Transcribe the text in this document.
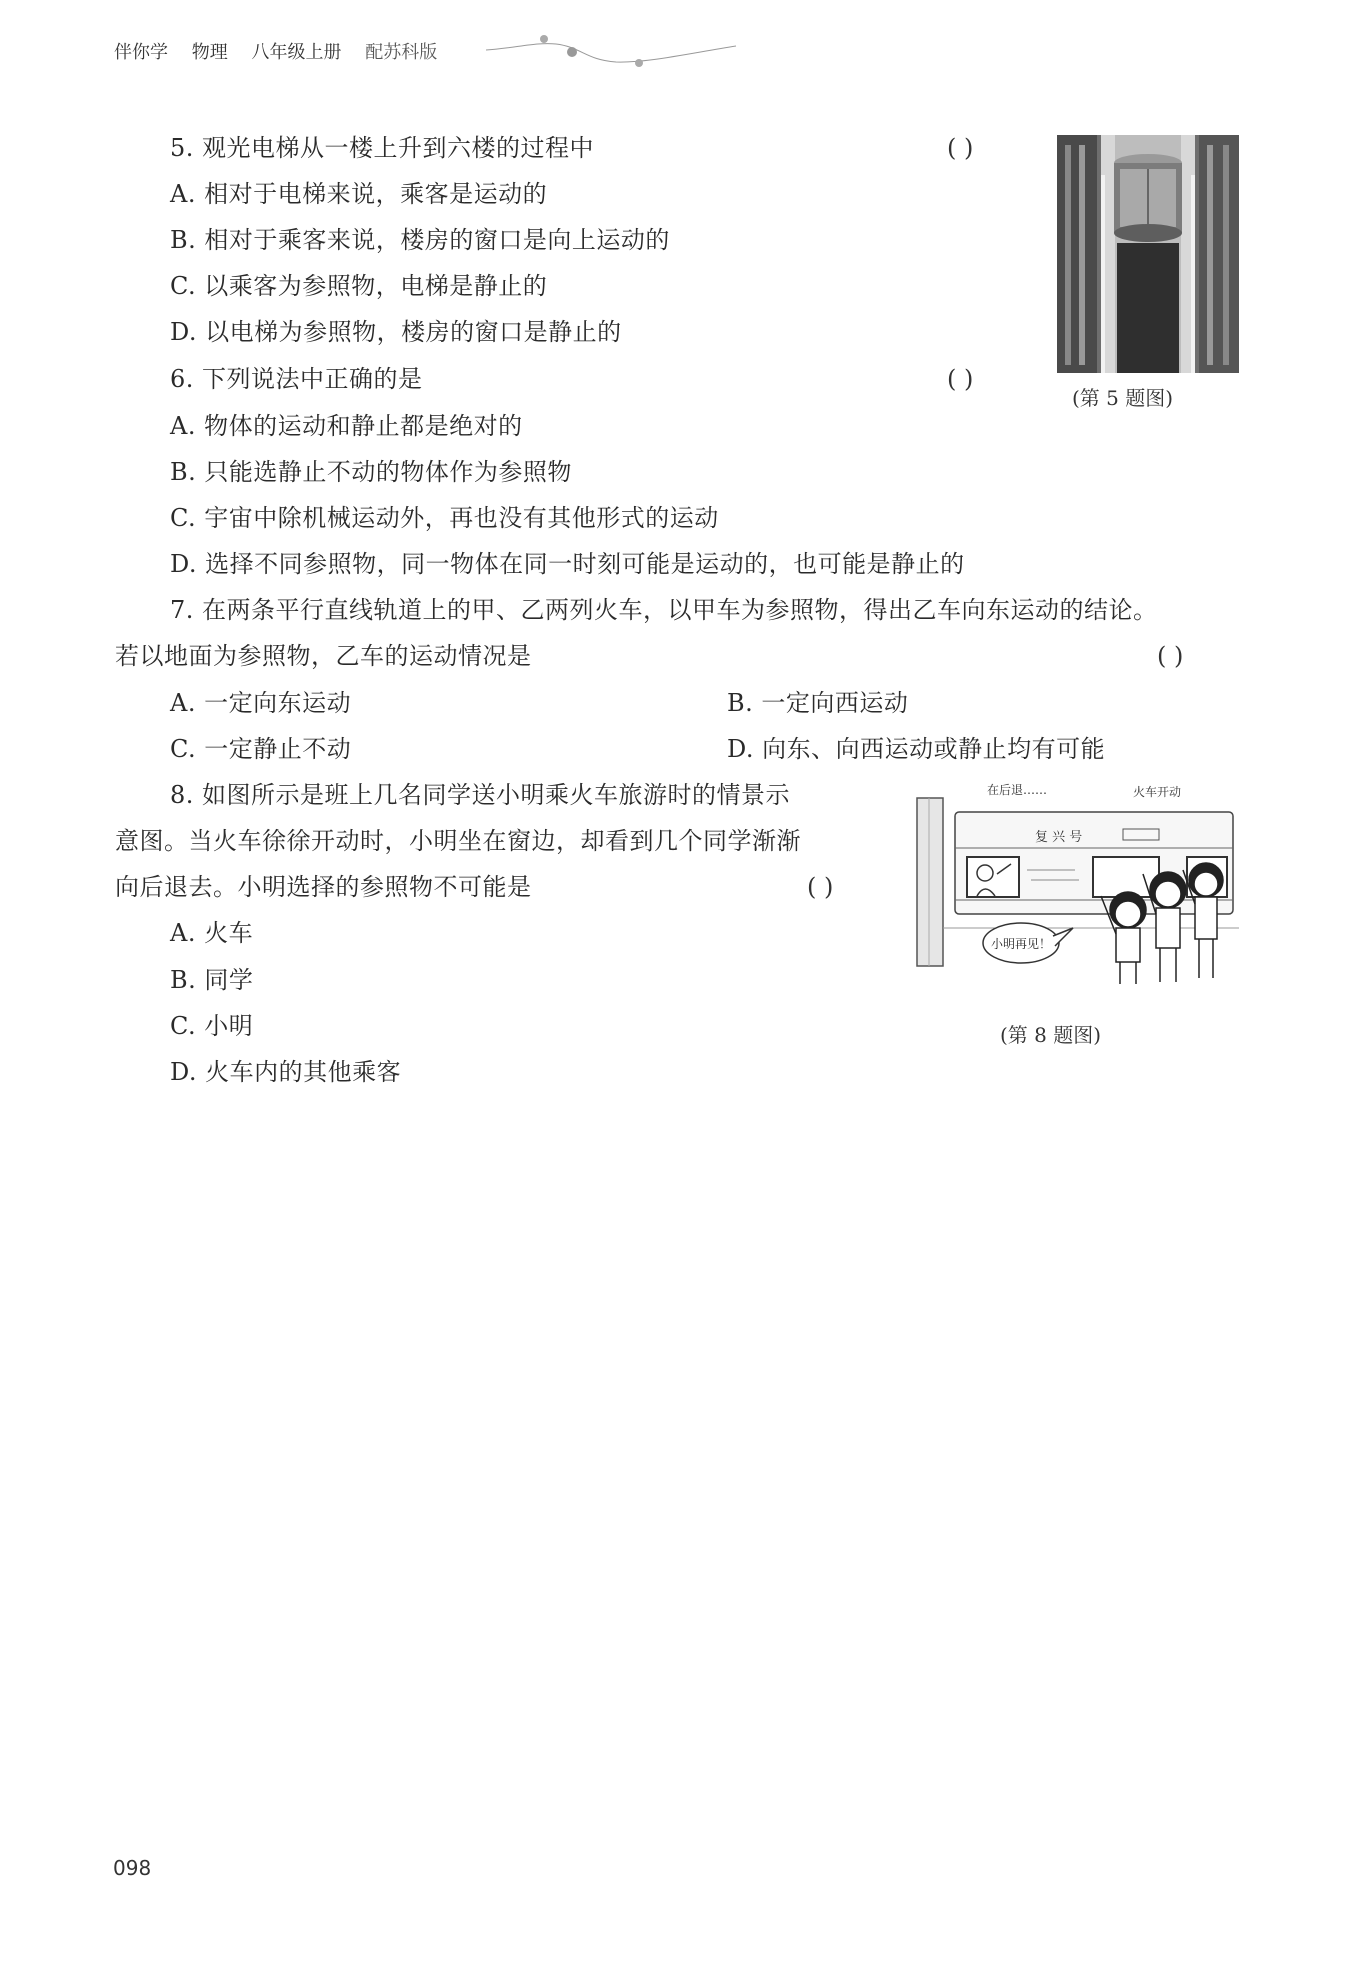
伴你学 物理 八年级上册 配苏科版
5. 观光电梯从一楼上升到六楼的过程中	( )
A. 相对于电梯来说，乘客是运动的
B. 相对于乘客来说，楼房的窗口是向上运动的
C. 以乘客为参照物，电梯是静止的
D. 以电梯为参照物，楼房的窗口是静止的
(第 5 题图)
6. 下列说法中正确的是	( )
A. 物体的运动和静止都是绝对的
B. 只能选静止不动的物体作为参照物
C. 宇宙中除机械运动外，再也没有其他形式的运动
D. 选择不同参照物，同一物体在同一时刻可能是运动的，也可能是静止的
7. 在两条平行直线轨道上的甲、乙两列火车，以甲车为参照物，得出乙车向东运动的结论。
若以地面为参照物，乙车的运动情况是	( )
A. 一定向东运动	B. 一定向西运动
C. 一定静止不动	D. 向东、向西运动或静止均有可能
8. 如图所示是班上几名同学送小明乘火车旅游时的情景示
意图。当火车徐徐开动时，小明坐在窗边，却看到几个同学渐渐
向后退去。小明选择的参照物不可能是	( )
A. 火车
B. 同学
C. 小明
D. 火车内的其他乘客
复 兴 号
小明再见！
在后退……	火车开动
(第 8 题图)
098
